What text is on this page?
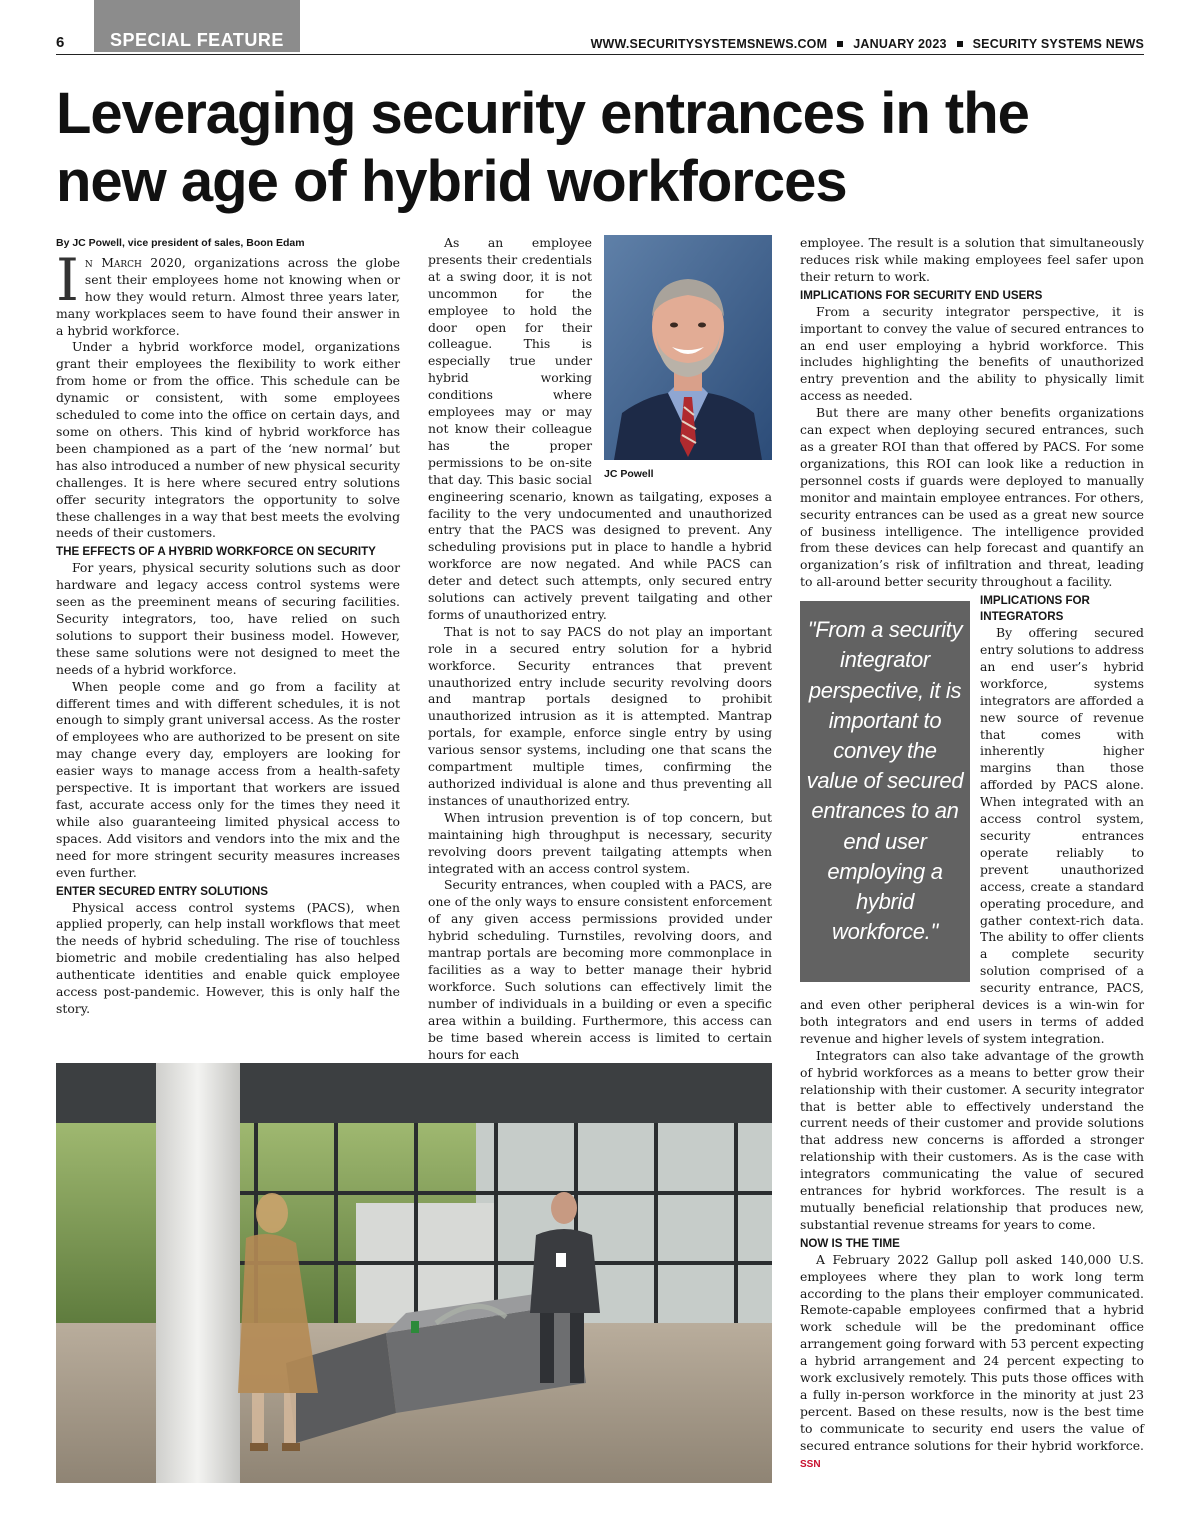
6	SPECIAL FEATURE	WWW.SECURITYSYSTEMSNEWS.COM JANUARY 2023 SECURITY SYSTEMS NEWS
Leveraging security entrances in the new age of hybrid workforces
By JC Powell, vice president of sales, Boon Edam

In March 2020, organizations across the globe sent their employees home not knowing when or how they would return. Almost three years later, many workplaces seem to have found their answer in a hybrid workforce.

Under a hybrid workforce model, organizations grant their employees the flexibility to work either from home or from the office. This schedule can be dynamic or consistent, with some employees scheduled to come into the office on certain days, and some on others. This kind of hybrid workforce has been championed as a part of the ‘new normal’ but has also introduced a number of new physical security challenges. It is here where secured entry solutions offer security integrators the opportunity to solve these challenges in a way that best meets the evolving needs of their customers.

THE EFFECTS OF A HYBRID WORKFORCE ON SECURITY

For years, physical security solutions such as door hardware and legacy access control systems were seen as the preeminent means of securing facilities. Security integrators, too, have relied on such solutions to support their business model. However, these same solutions were not designed to meet the needs of a hybrid workforce.

When people come and go from a facility at different times and with different schedules, it is not enough to simply grant universal access. As the roster of employees who are authorized to be present on site may change every day, employers are looking for easier ways to manage access from a health-safety perspective. It is important that workers are issued fast, accurate access only for the times they need it while also guaranteeing limited physical access to spaces. Add visitors and vendors into the mix and the need for more stringent security measures increases even further.

ENTER SECURED ENTRY SOLUTIONS

Physical access control systems (PACS), when applied properly, can help install workflows that meet the needs of hybrid scheduling. The rise of touchless biometric and mobile credentialing has also helped authenticate identities and enable quick employee access post-pandemic. However, this is only half the story.

JC Powell

As an employee presents their credentials at a swing door, it is not uncommon for the employee to hold the door open for their colleague. This is especially true under hybrid working conditions where employees may or may not know their colleague has the proper permissions to be on-site that day. This basic social engineering scenario, known as tailgating, exposes a facility to the very undocumented and unauthorized entry that the PACS was designed to prevent. Any scheduling provisions put in place to handle a hybrid workforce are now negated. And while PACS can deter and detect such attempts, only secured entry solutions can actively prevent tailgating and other forms of unauthorized entry.

That is not to say PACS do not play an important role in a secured entry solution for a hybrid workforce. Security entrances that prevent unauthorized entry include security revolving doors and mantrap portals designed to prohibit unauthorized intrusion as it is attempted. Mantrap portals, for example, enforce single entry by using various sensor systems, including one that scans the compartment multiple times, confirming the authorized individual is alone and thus preventing all instances of unauthorized entry.

When intrusion prevention is of top concern, but maintaining high throughput is necessary, security revolving doors prevent tailgating attempts when integrated with an access control system.

Security entrances, when coupled with a PACS, are one of the only ways to ensure consistent enforcement of any given access permissions provided under hybrid scheduling. Turnstiles, revolving doors, and mantrap portals are becoming more commonplace in facilities as a way to better manage their hybrid workforce. Such solutions can effectively limit the number of individuals in a building or even a specific area within a building. Furthermore, this access can be time based wherein access is limited to certain hours for each

employee. The result is a solution that simultaneously reduces risk while making employees feel safer upon their return to work.

IMPLICATIONS FOR SECURITY END USERS

From a security integrator perspective, it is important to convey the value of secured entrances to an end user employing a hybrid workforce. This includes highlighting the benefits of unauthorized entry prevention and the ability to physically limit access as needed.

But there are many other benefits organizations can expect when deploying secured entrances, such as a greater ROI than that offered by PACS. For some organizations, this ROI can look like a reduction in personnel costs if guards were deployed to manually monitor and maintain employee entrances. For others, security entrances can be used as a great new source of business intelligence. The intelligence provided from these devices can help forecast and quantify an organization’s risk of infiltration and threat, leading to all-around better security throughout a facility.

"From a security integrator perspective, it is important to convey the value of secured entrances to an end user employing a hybrid workforce."

IMPLICATIONS FOR INTEGRATORS

By offering secured entry solutions to address an end user’s hybrid workforce, systems integrators are afforded a new source of revenue that comes with inherently higher margins than those afforded by PACS alone. When integrated with an access control system, security entrances operate reliably to prevent unauthorized access, create a standard operating procedure, and gather context-rich data. The ability to offer clients a complete security solution comprised of a security entrance, PACS, and even other peripheral devices is a win-win for both integrators and end users in terms of added revenue and higher levels of system integration.

Integrators can also take advantage of the growth of hybrid workforces as a means to better grow their relationship with their customer. A security integrator that is better able to effectively understand the current needs of their customer and provide solutions that address new concerns is afforded a stronger relationship with their customers. As is the case with integrators communicating the value of secured entrances for hybrid workforces. The result is a mutually beneficial relationship that produces new, substantial revenue streams for years to come.

NOW IS THE TIME

A February 2022 Gallup poll asked 140,000 U.S. employees where they plan to work long term according to the plans their employer communicated. Remote-capable employees confirmed that a hybrid work schedule will be the predominant office arrangement going forward with 53 percent expecting a hybrid arrangement and 24 percent expecting to work exclusively remotely. This puts those offices with a fully in-person workforce in the minority at just 23 percent. Based on these results, now is the best time to communicate to security end users the value of secured entrance solutions for their hybrid workforce. SSN
